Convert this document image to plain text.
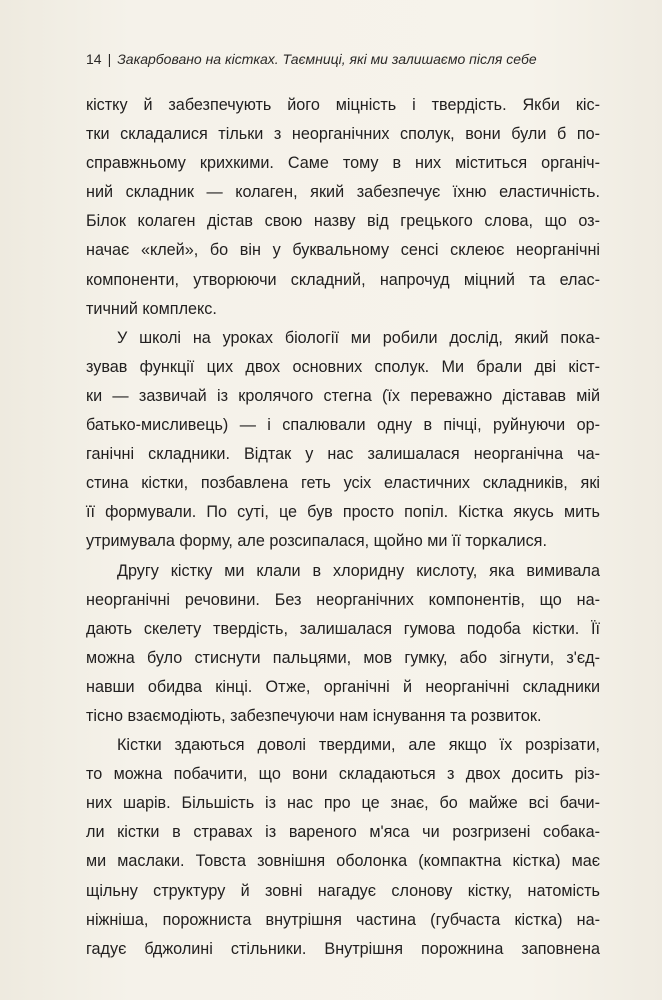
14 | Закарбовано на кістках. Таємниці, які ми залишаємо після себе
кістку й забезпечують його міцність і твердість. Якби кіс-
тки складалися тільки з неорганічних сполук, вони були б по-
справжньому крихкими. Саме тому в них міститься органіч-
ний складник — колаген, який забезпечує їхню еластичність.
Білок колаген дістав свою назву від грецького слова, що оз-
начає «клей», бо він у буквальному сенсі склеює неорганічні
компоненти, утворюючи складний, напрочуд міцний та елас-
тичний комплекс.
У школі на уроках біології ми робили дослід, який пока-
зував функції цих двох основних сполук. Ми брали дві кіст-
ки — зазвичай із кролячого стегна (їх переважно діставав мій
батько-мисливець) — і спалювали одну в пічці, руйнуючи ор-
ганічні складники. Відтак у нас залишалася неорганічна ча-
стина кістки, позбавлена геть усіх еластичних складників, які
її формували. По суті, це був просто попіл. Кістка якусь мить
утримувала форму, але розсипалася, щойно ми її торкалися.
Другу кістку ми клали в хлоридну кислоту, яка вимивала
неорганічні речовини. Без неорганічних компонентів, що на-
дають скелету твердість, залишалася гумова подоба кістки. Її
можна було стиснути пальцями, мов гумку, або зігнути, з'єд-
навши обидва кінці. Отже, органічні й неорганічні складники
тісно взаємодіють, забезпечуючи нам існування та розвиток.
Кістки здаються доволі твердими, але якщо їх розрізати,
то можна побачити, що вони складаються з двох досить різ-
них шарів. Більшість із нас про це знає, бо майже всі бачи-
ли кістки в стравах із вареного м'яса чи розгризені собака-
ми маслаки. Товста зовнішня оболонка (компактна кістка) має
щільну структуру й зовні нагадує слонову кістку, натомість
ніжніша, порожниста внутрішня частина (губчаста кістка) на-
гадує бджолині стільники. Внутрішня порожнина заповнена
